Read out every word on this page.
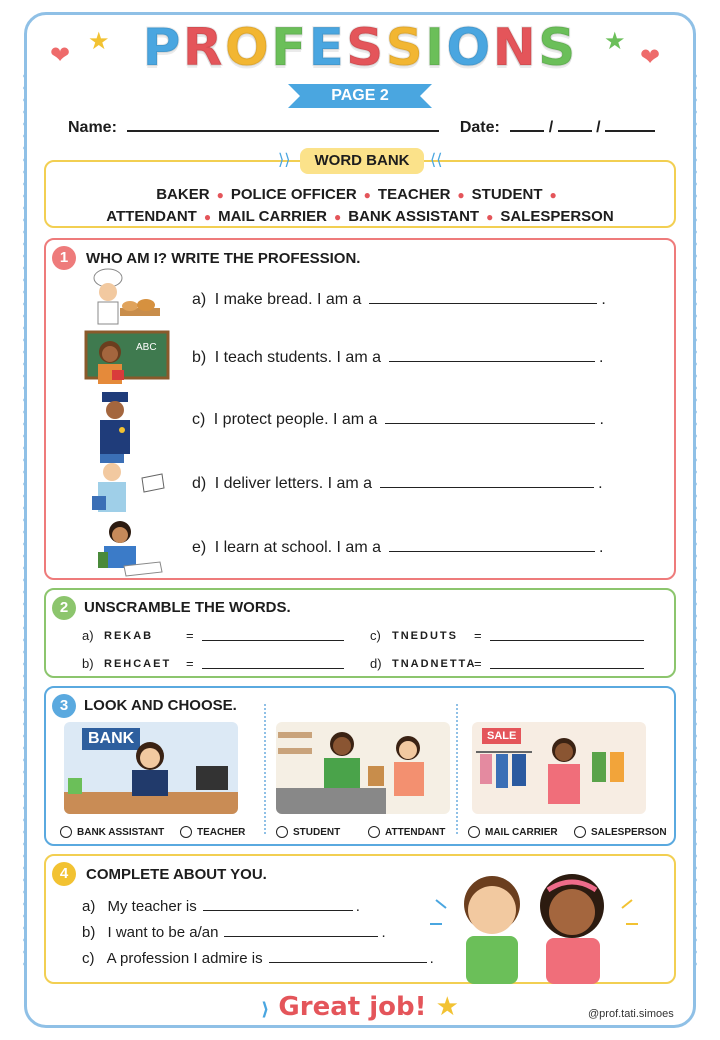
❤
★	★
❤
PROFESSIONS
PAGE 2
Name:	Date:	/	/
⟩⟩	WORD BANK	⟨⟨
BAKER ● POLICE OFFICER ● TEACHER ● STUDENT ●
ATTENDANT ● MAIL CARRIER ● BANK ASSISTANT ● SALESPERSON
1	WHO AM I? WRITE THE PROFESSION.
ABC
a) I make bread. I am a	.
b) I teach students. I am a	.
c) I protect people. I am a	.
d) I deliver letters. I am a	.
e) I learn at school. I am a	.
2	UNSCRAMBLE THE WORDS.
a) REKAB	=
b) REHCAET =
c) TNEDUTS =
d) TNADNETTA
=
3	LOOK AND CHOOSE.
BANK	SALE
BANK ASSISTANT	TEACHER	STUDENT	ATTENDANT	MAIL CARRIER	SALESPERSON
4	COMPLETE ABOUT YOU.
a) My teacher is	.
b) I want to be a/an	.
c) A profession I admire is	.
⟩ Great job! ★	@prof.tati.simoes
